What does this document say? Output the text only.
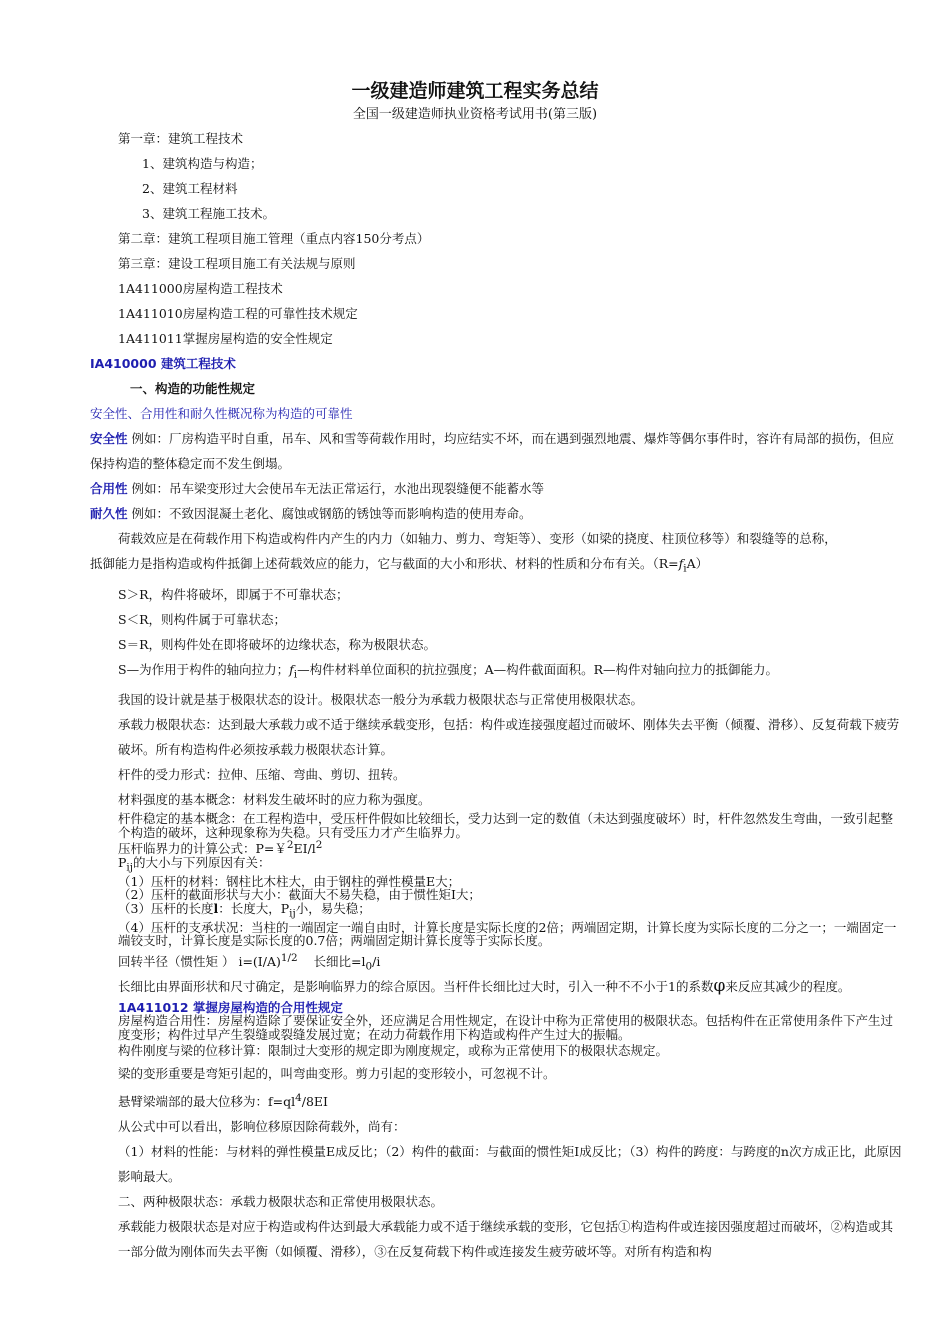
一级建造师建筑工程实务总结
全国一级建造师执业资格考试用书(第三版)

第一章：建筑工程技术

1、建筑构造与构造；

2、建筑工程材料

3、建筑工程施工技术。

第二章：建筑工程项目施工管理（重点内容150分考点）

第三章：建设工程项目施工有关法规与原则

1A411000房屋构造工程技术

1A411010房屋构造工程的可靠性技术规定

1A411011掌握房屋构造的安全性规定

IA410000 建筑工程技术

一、构造的功能性规定

安全性、合用性和耐久性概况称为构造的可靠性

安全性 例如：厂房构造平时自重，吊车、风和雪等荷载作用时，均应结实不坏，而在遇到强烈地震、爆炸等偶尔事件时，容许有局部的损伤，但应保持构造的整体稳定而不发生倒塌。

合用性 例如：吊车梁变形过大会使吊车无法正常运行，水池出现裂缝便不能蓄水等

耐久性 例如：不致因混凝土老化、腐蚀或钢筋的锈蚀等而影响构造的使用寿命。

荷载效应是在荷载作用下构造或构件内产生的内力（如轴力、剪力、弯矩等）、变形（如梁的挠度、柱顶位移等）和裂缝等的总称，

抵御能力是指构造或构件抵御上述荷载效应的能力，它与截面的大小和形状、材料的性质和分布有关。$(R=f_iA)$

S＞R，构件将破坏，即属于不可靠状态；

S＜R，则构件属于可靠状态；

S＝R，则构件处在即将破坏的边缘状态，称为极限状态。

S—为作用于构件的轴向拉力；$f_i—$构件材料单位面积的抗拉强度；A—构件截面面积。R—构件对轴向拉力的抵御能力。

我国的设计就是基于极限状态的设计。极限状态一般分为承载力极限状态与正常使用极限状态。

承载力极限状态：达到最大承载力或不适于继续承载变形，包括：构件或连接强度超过而破坏、刚体失去平衡（倾覆、滑移）、反复荷载下疲劳破坏。所有构造构件必须按承载力极限状态计算。

杆件的受力形式：拉伸、压缩、弯曲、剪切、扭转。

材料强度的基本概念：材料发生破坏时的应力称为强度。

杆件稳定的基本概念：在工程构造中，受压杆件假如比较细长，受力达到一定的数值（未达到强度破坏）时，杆件忽然发生弯曲，一致引起整个构造的破坏，这种现象称为失稳。只有受压力才产生临界力。

压杆临界力的计算公式：P=￥$^2EI/l^2$

$P_{ij}$的大小与下列原因有关：

（1）压杆的材料：钢柱比木柱大，由于钢柱的弹性模量E大；

（2）压杆的截面形状与大小：截面大不易失稳，由于惯性矩I大；

（3）压杆的长度l：长度大，$P_{ij}$小，易失稳；

（4）压杆的支承状况：当柱的一端固定一端自由时，计算长度是实际长度的2倍；两端固定期，计算长度为实际长度的二分之一；一端固定一端铰支时，计算长度是实际长度的0.7倍；两端固定期计算长度等于实际长度。

回转半径（惯性矩 ） $i=(I/A)^{1/2}$    长细比$=l_0/i$

长细比由界面形状和尺寸确定，是影响临界力的综合原因。当杆件长细比过大时，引入一种不不小于1的系数φ来反应其减少的程度。

1A411012 掌握房屋构造的合用性规定

房屋构造合用性：房屋构造除了要保证安全外，还应满足合用性规定，在设计中称为正常使用的极限状态。包括构件在正常使用条件下产生过度变形；构件过早产生裂缝或裂缝发展过宽；在动力荷载作用下构造或构件产生过大的振幅。

构件刚度与梁的位移计算：限制过大变形的规定即为刚度规定，或称为正常使用下的极限状态规定。

梁的变形重要是弯矩引起的，叫弯曲变形。剪力引起的变形较小，可忽视不计。

悬臂梁端部的最大位移为：$f=ql^4/8EI$

从公式中可以看出，影响位移原因除荷载外，尚有：

（1）材料的性能：与材料的弹性模量E成反比；（2）构件的截面：与截面的惯性矩I成反比；（3）构件的跨度：与跨度的n次方成正比，此原因影响最大。

二、两种极限状态：承载力极限状态和正常使用极限状态。

承载能力极限状态是对应于构造或构件达到最大承载能力或不适于继续承载的变形，它包括①构造构件或连接因强度超过而破坏，②构造或其一部分做为刚体而失去平衡（如倾覆、滑移），③在反复荷载下构件或连接发生疲劳破坏等。对所有构造和构
